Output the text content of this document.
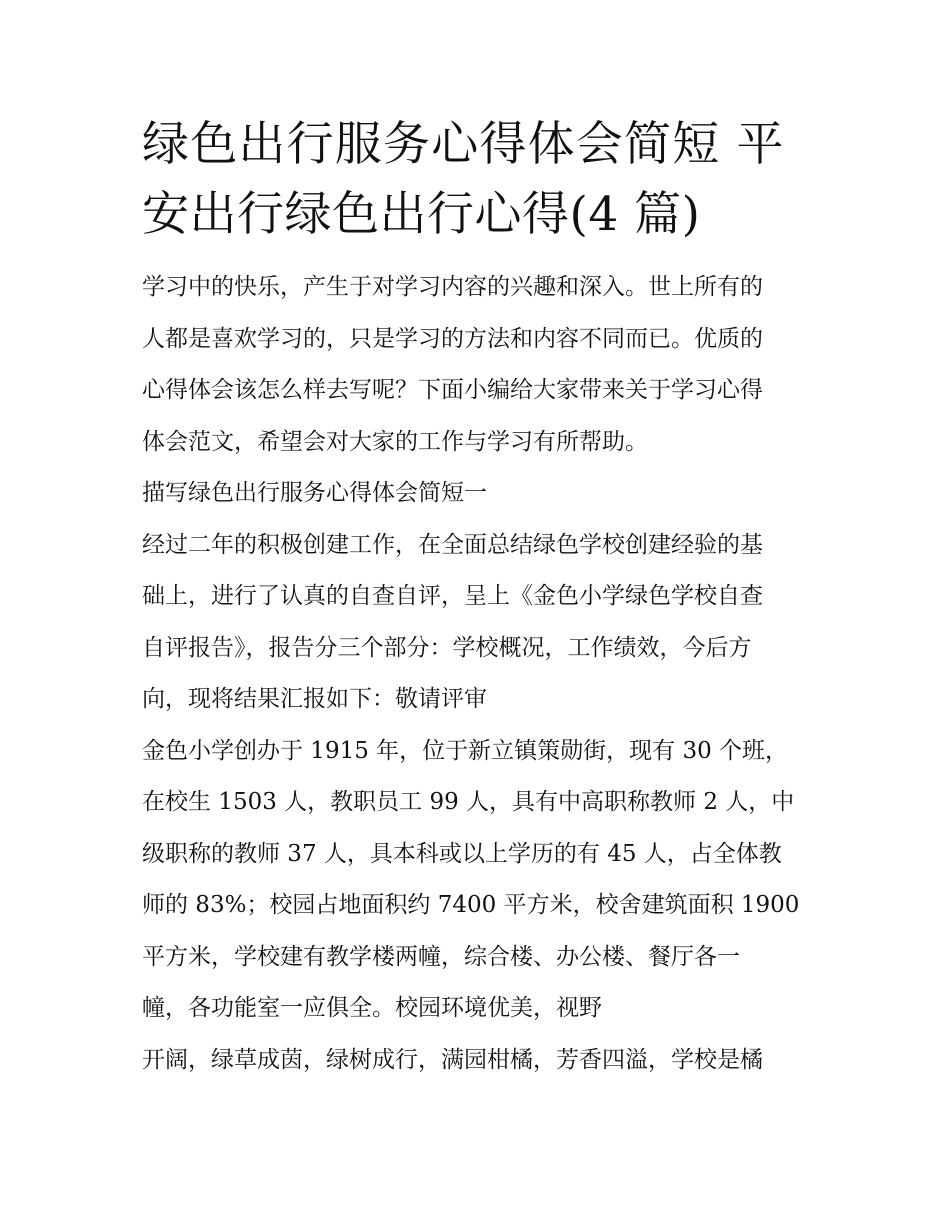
绿色出行服务心得体会简短 平
安出行绿色出行心得(4 篇)
学习中的快乐，产生于对学习内容的兴趣和深入。世上所有的
人都是喜欢学习的，只是学习的方法和内容不同而已。优质的
心得体会该怎么样去写呢？下面小编给大家带来关于学习心得
体会范文，希望会对大家的工作与学习有所帮助。
描写绿色出行服务心得体会简短一
经过二年的积极创建工作，在全面总结绿色学校创建经验的基
础上，进行了认真的自查自评，呈上《金色小学绿色学校自查
自评报告》，报告分三个部分：学校概况，工作绩效，今后方
向，现将结果汇报如下：敬请评审
金色小学创办于 1915 年，位于新立镇策勋街，现有 30 个班，
在校生 1503 人，教职员工 99 人，具有中高职称教师 2 人，中
级职称的教师 37 人，具本科或以上学历的有 45 人，占全体教
师的 83%；校园占地面积约 7400 平方米，校舍建筑面积 1900
平方米，学校建有教学楼两幢，综合楼、办公楼、餐厅各一
幢，各功能室一应俱全。校园环境优美，视野
开阔，绿草成茵，绿树成行，满园柑橘，芳香四溢，学校是橘
